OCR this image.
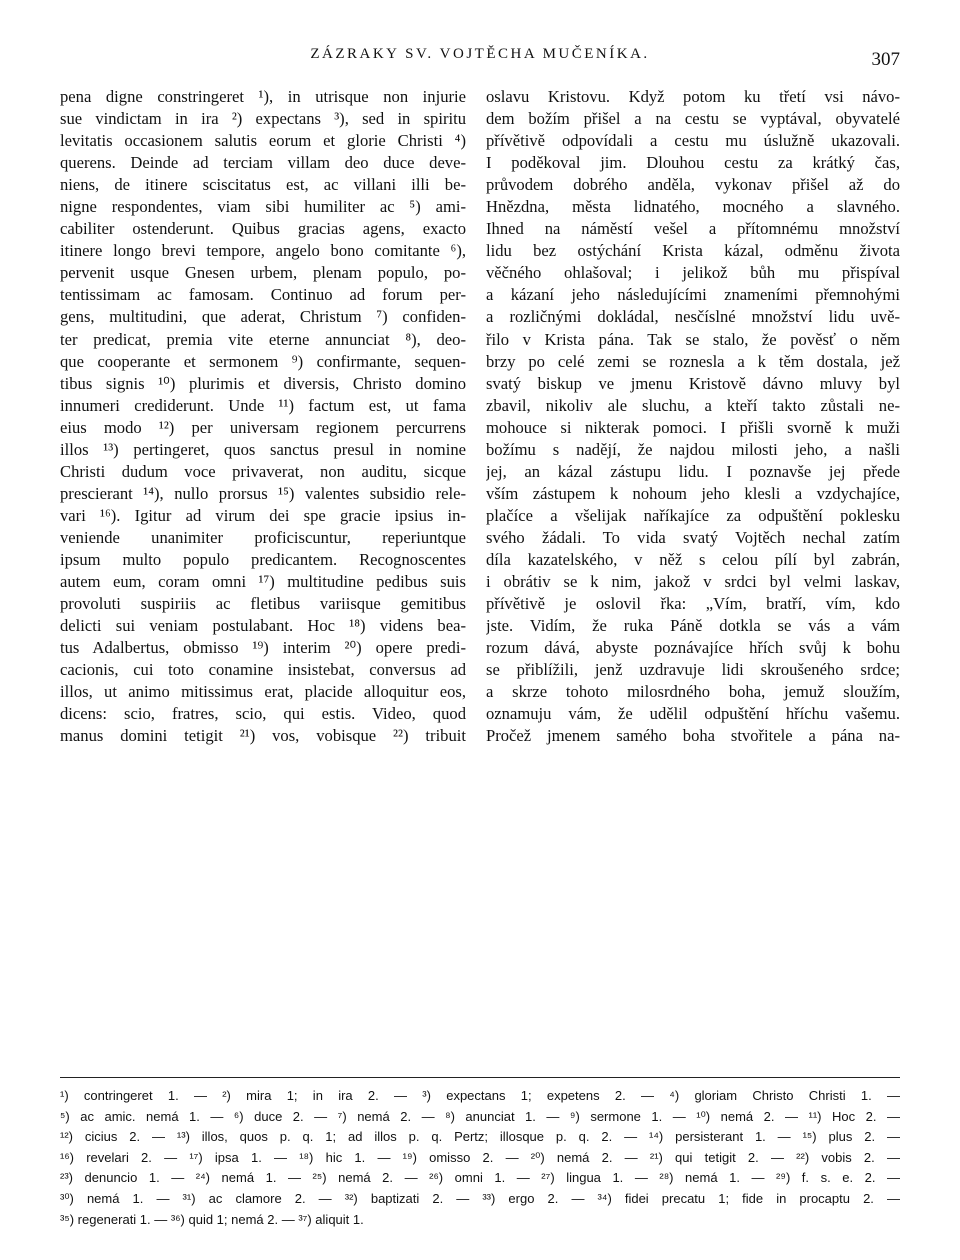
ZÁZRAKY SV. VOJTĚCHA MUČENÍKA.	307
pena digne constringeret ¹), in utrisque non injurie
sue vindictam in ira ²) expectans ³), sed in spiritu
levitatis occasionem salutis eorum et glorie Christi ⁴)
querens. Deinde ad terciam villam deo duce deve-
niens, de itinere sciscitatus est, ac villani illi be-
nigne respondentes, viam sibi humiliter ac ⁵) ami-
cabiliter ostenderunt. Quibus gracias agens, exacto
itinere longo brevi tempore, angelo bono comitante ⁶),
pervenit usque Gnesen urbem, plenam populo, po-
tentissimam ac famosam. Continuo ad forum per-
gens, multitudini, que aderat, Christum ⁷) confiden-
ter predicat, premia vite eterne annunciat ⁸), deo-
que cooperante et sermonem ⁹) confirmante, sequen-
tibus signis ¹⁰) plurimis et diversis, Christo domino
innumeri crediderunt. Unde ¹¹) factum est, ut fama
eius modo ¹²) per universam regionem percurrens
illos ¹³) pertingeret, quos sanctus presul in nomine
Christi dudum voce privaverat, non auditu, sicque
prescierant ¹⁴), nullo prorsus ¹⁵) valentes subsidio rele-
vari ¹⁶). Igitur ad virum dei spe gracie ipsius in-
veniende unanimiter proficiscuntur, reperiuntque
ipsum multo populo predicantem. Recognoscentes
autem eum, coram omni ¹⁷) multitudine pedibus suis
provoluti suspiriis ac fletibus variisque gemitibus
delicti sui veniam postulabant. Hoc ¹⁸) videns bea-
tus Adalbertus, obmisso ¹⁹) interim ²⁰) opere predi-
cacionis, cui toto conamine insistebat, conversus ad
illos, ut animo mitissimus erat, placide alloquitur eos,
dicens: scio, fratres, scio, qui estis. Video, quod
manus domini tetigit ²¹) vos, vobisque ²²) tribuit
oslavu Kristovu. Když potom ku třetí vsi návo-
dem božím přišel a na cestu se vyptával, obyvatelé
přívětivě odpovídali a cestu mu úslužně ukazovali.
I poděkoval jim. Dlouhou cestu za krátký čas,
průvodem dobrého anděla, vykonav přišel až do
Hnězdna, města lidnatého, mocného a slavného.
Ihned na náměstí vešel a přítomnému množství
lidu bez ostýchání Krista kázal, odměnu života
věčného ohlašoval; i jelikož bůh mu přispíval
a kázaní jeho následujícími znameními přemnohými
a rozličnými dokládal, nesčíslné množství lidu uvě-
řilo v Krista pána. Tak se stalo, že pověsť o něm
brzy po celé zemi se roznesla a k těm dostala, jež
svatý biskup ve jmenu Kristově dávno mluvy byl
zbavil, nikoliv ale sluchu, a kteří takto zůstali ne-
mohouce si nikterak pomoci. I přišli svorně k muži
božímu s nadějí, že najdou milosti jeho, a našli
jej, an kázal zástupu lidu. I poznavše jej přede
vším zástupem k nohoum jeho klesli a vzdychajíce,
plačíce a všelijak naříkajíce za odpuštění poklesku
svého žádali. To vida svatý Vojtěch nechal zatím
díla kazatelského, v něž s celou pílí byl zabrán,
i obrátiv se k nim, jakož v srdci byl velmi laskav,
přívětivě je oslovil řka: „Vím, bratří, vím, kdo
jste. Vidím, že ruka Páně dotkla se vás a vám
rozum dává, abyste poznávajíce hřích svůj k bohu
se přiblížili, jenž uzdravuje lidi skroušeného srdce;
a skrze tohoto milosrdného boha, jemuž sloužím,
oznamuju vám, že udělil odpuštění hříchu vašemu.
Pročež jmenem samého boha stvořitele a pána na-
¹) contringeret 1. — ²) mira 1; in ira 2. — ³) expectans 1; expetens 2. — ⁴) gloriam Christo Christi 1. —
⁵) ac amic. nemá 1. — ⁶) duce 2. — ⁷) nemá 2. — ⁸) anunciat 1. — ⁹) sermone 1. — ¹⁰) nemá 2. — ¹¹) Hoc 2. —
¹²) cicius 2. — ¹³) illos, quos p. q. 1; ad illos p. q. Pertz; illosque p. q. 2. — ¹⁴) persisterant 1. — ¹⁵) plus 2. —
¹⁶) revelari 2. — ¹⁷) ipsa 1. — ¹⁸) hic 1. — ¹⁹) omisso 2. — ²⁰) nemá 2. — ²¹) qui tetigit 2. — ²²) vobis 2. —
²³) denuncio 1. — ²⁴) nemá 1. — ²⁵) nemá 2. — ²⁶) omni 1. — ²⁷) lingua 1. — ²⁸) nemá 1. — ²⁹) f. s. e. 2. —
³⁰) nemá 1. — ³¹) ac clamore 2. — ³²) baptizati 2. — ³³) ergo 2. — ³⁴) fidei precatu 1; fide in procaptu 2. —
³⁵) regenerati 1. — ³⁶) quid 1; nemá 2. — ³⁷) aliquit 1.
